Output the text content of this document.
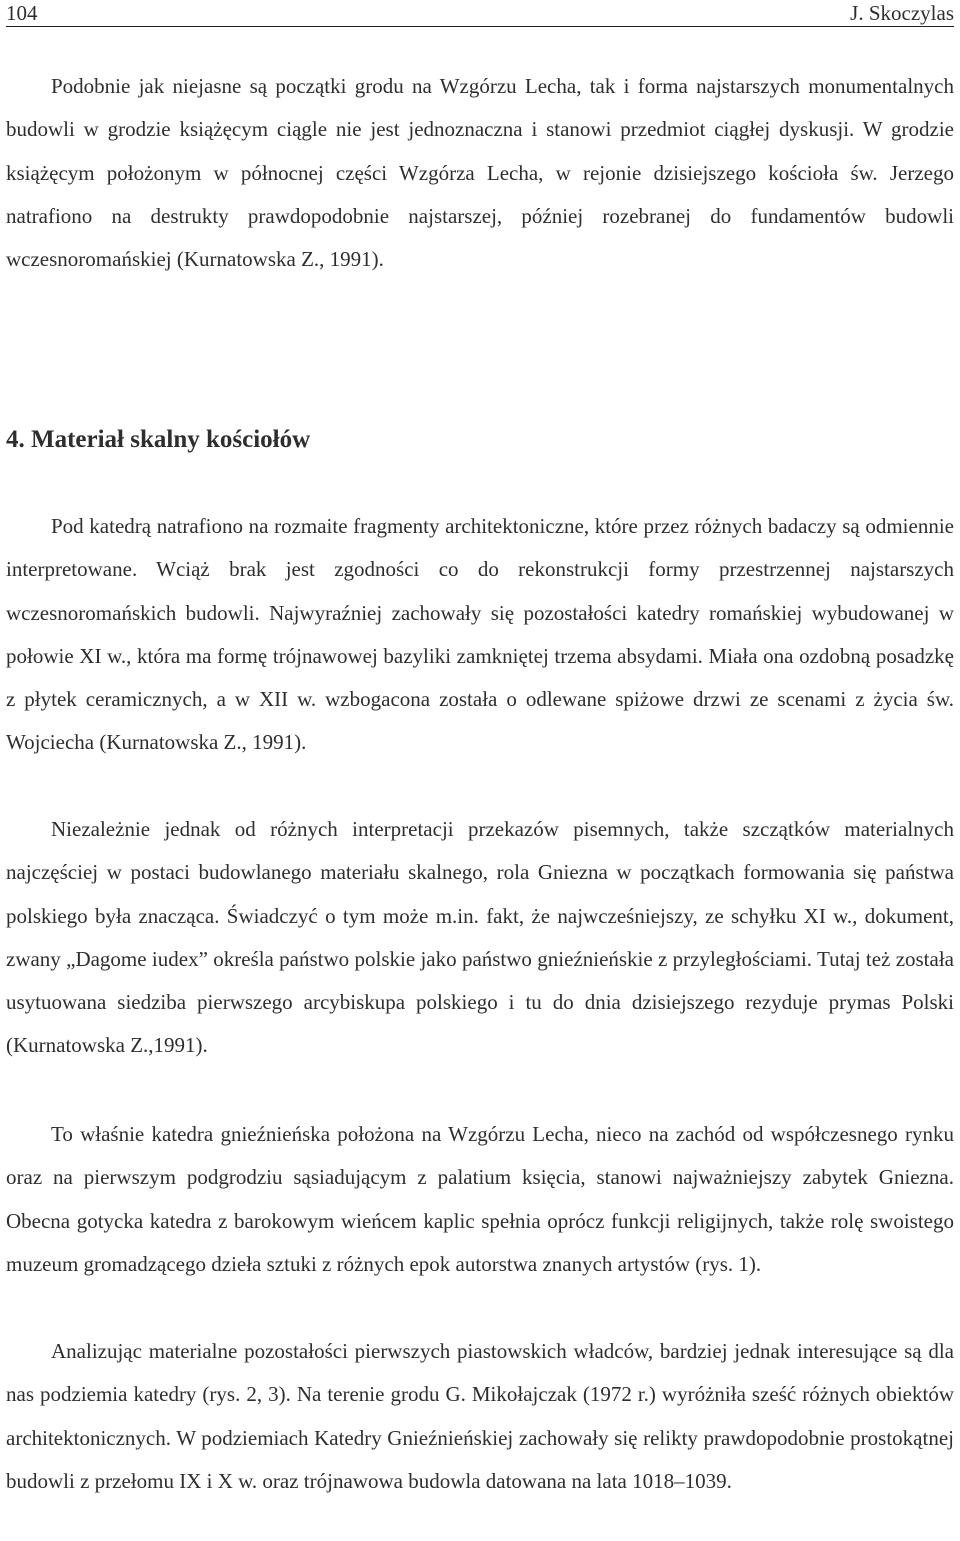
104	J. Skoczylas

Podobnie jak niejasne są początki grodu na Wzgórzu Lecha, tak i forma najstarszych monumentalnych budowli w grodzie książęcym ciągle nie jest jednoznaczna i stanowi przedmiot ciągłej dyskusji. W grodzie książęcym położonym w północnej części Wzgórza Lecha, w rejonie dzisiejszego kościoła św. Jerzego natrafiono na destrukty prawdopodobnie najstarszej, później rozebranej do fundamentów budowli wczesnoromańskiej (Kurnatowska Z., 1991).

4. Materiał skalny kościołów

Pod katedrą natrafiono na rozmaite fragmenty architektoniczne, które przez różnych badaczy są odmiennie interpretowane. Wciąż brak jest zgodności co do rekonstrukcji formy przestrzennej najstarszych wczesnoromańskich budowli. Najwyraźniej zachowały się pozostałości katedry romańskiej wybudowanej w połowie XI w., która ma formę trójnawowej bazyliki zamkniętej trzema absydami. Miała ona ozdobną posadzkę z płytek ceramicznych, a w XII w. wzbogacona została o odlewane spiżowe drzwi ze scenami z życia św. Wojciecha (Kurnatowska Z., 1991).

Niezależnie jednak od różnych interpretacji przekazów pisemnych, także szczątków materialnych najczęściej w postaci budowlanego materiału skalnego, rola Gniezna w początkach formowania się państwa polskiego była znacząca. Świadczyć o tym może m.in. fakt, że najwcześniejszy, ze schyłku XI w., dokument, zwany „Dagome iudex” określa państwo polskie jako państwo gnieźnieńskie z przyległościami. Tutaj też została usytuowana siedziba pierwszego arcybiskupa polskiego i tu do dnia dzisiejszego rezyduje prymas Polski (Kurnatowska Z.,1991).

To właśnie katedra gnieźnieńska położona na Wzgórzu Lecha, nieco na zachód od współczesnego rynku oraz na pierwszym podgrodziu sąsiadującym z palatium księcia, stanowi najważniejszy zabytek Gniezna. Obecna gotycka katedra z barokowym wieńcem kaplic spełnia oprócz funkcji religijnych, także rolę swoistego muzeum gromadzącego dzieła sztuki z różnych epok autorstwa znanych artystów (rys. 1).

Analizując materialne pozostałości pierwszych piastowskich władców, bardziej jednak interesujące są dla nas podziemia katedry (rys. 2, 3). Na terenie grodu G. Mikołajczak (1972 r.) wyróżniła sześć różnych obiektów architektonicznych. W podziemiach Katedry Gnieźnieńskiej zachowały się relikty prawdopodobnie prostokątnej budowli z przełomu IX i X w. oraz trójnawowa budowla datowana na lata 1018–1039.
